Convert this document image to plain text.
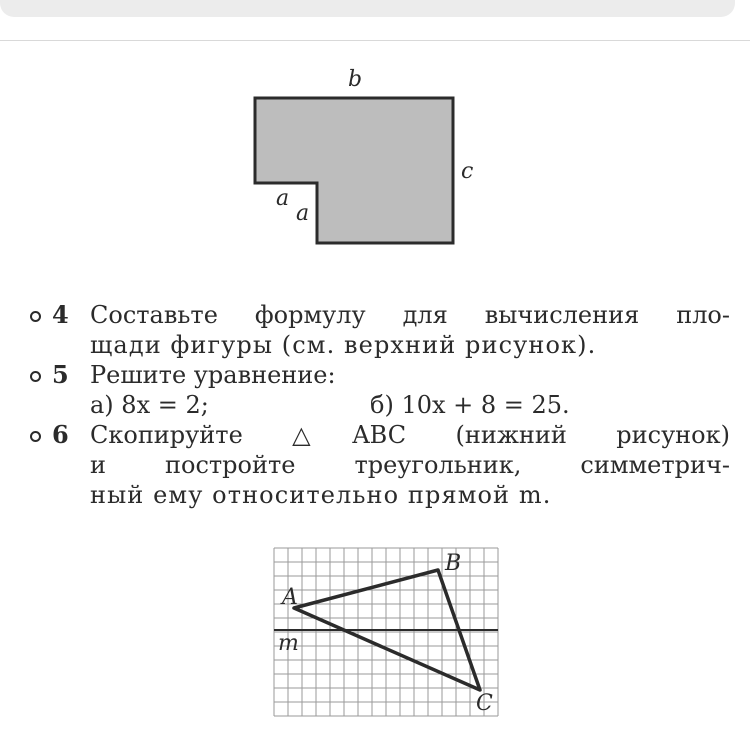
b
c
a
a
4 Составьте формулу для вычисления пло-
щади фигуры (см. верхний рисунок).
5 Решите уравнение:
а) 8x = 2;	б) 10x + 8 = 25.
6 Скопируйте △ABC (нижний рисунок)
и постройте треугольник, симметрич-
ный ему относительно прямой m.
A
B
C
m
